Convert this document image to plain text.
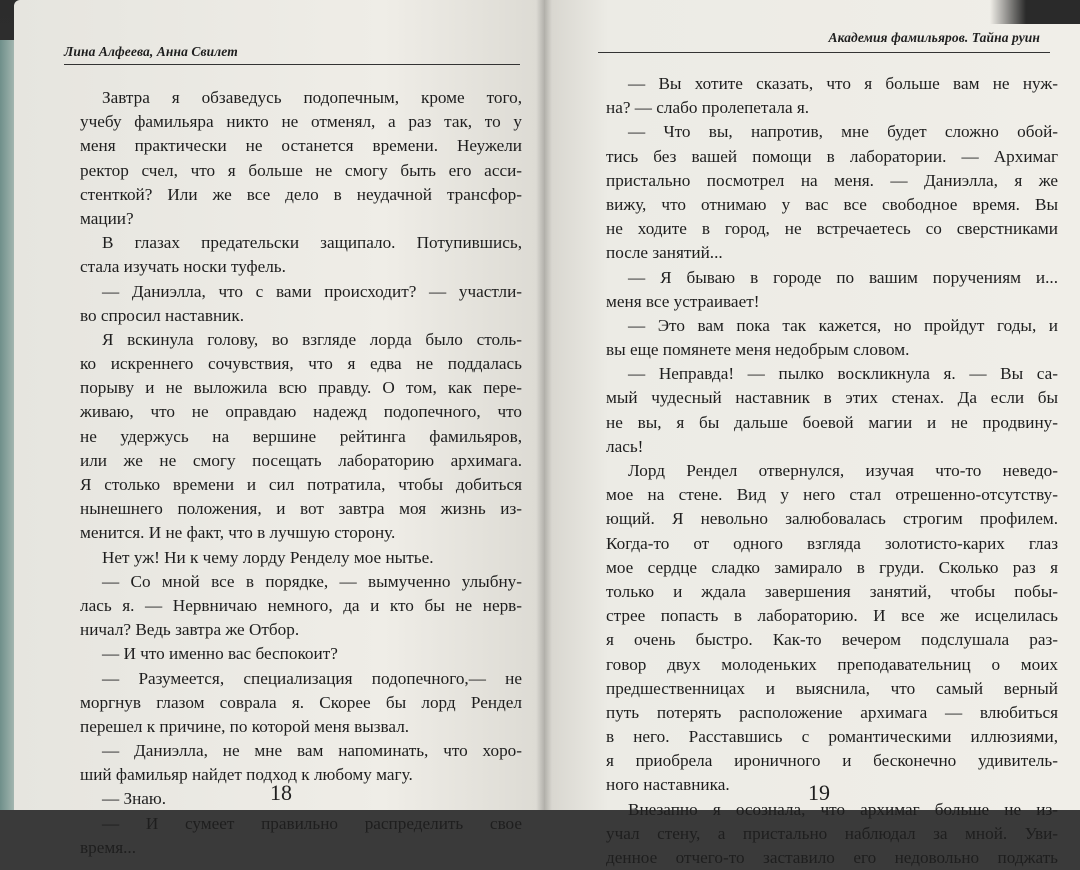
Лина Алфеева, Анна Свилет
Завтра я обзаведусь подопечным, кроме того,
учебу фамильяра никто не отменял, а раз так, то у
меня практически не останется времени. Неужели
ректор счел, что я больше не смогу быть его асси-
стенткой? Или же все дело в неудачной трансфор-
мации?
В глазах предательски защипало. Потупившись,
стала изучать носки туфель.
— Даниэлла, что с вами происходит? — участли-
во спросил наставник.
Я вскинула голову, во взгляде лорда было столь-
ко искреннего сочувствия, что я едва не поддалась
порыву и не выложила всю правду. О том, как пере-
живаю, что не оправдаю надежд подопечного, что
не удержусь на вершине рейтинга фамильяров,
или же не смогу посещать лабораторию архимага.
Я столько времени и сил потратила, чтобы добиться
нынешнего положения, и вот завтра моя жизнь из-
менится. И не факт, что в лучшую сторону.
Нет уж! Ни к чему лорду Ренделу мое нытье.
— Со мной все в порядке, — вымученно улыбну-
лась я. — Нервничаю немного, да и кто бы не нерв-
ничал? Ведь завтра же Отбор.
— И что именно вас беспокоит?
— Разумеется, специализация подопечного,— не
моргнув глазом соврала я. Скорее бы лорд Рендел
перешел к причине, по которой меня вызвал.
— Даниэлла, не мне вам напоминать, что хоро-
ший фамильяр найдет подход к любому магу.
— Знаю.
— И сумеет правильно распределить свое
время...
18
Академия фамильяров. Тайна руин
— Вы хотите сказать, что я больше вам не нуж-
на? — слабо пролепетала я.
— Что вы, напротив, мне будет сложно обой-
тись без вашей помощи в лаборатории. — Архимаг
пристально посмотрел на меня. — Даниэлла, я же
вижу, что отнимаю у вас все свободное время. Вы
не ходите в город, не встречаетесь со сверстниками
после занятий...
— Я бываю в городе по вашим поручениям и...
меня все устраивает!
— Это вам пока так кажется, но пройдут годы, и
вы еще помянете меня недобрым словом.
— Неправда! — пылко воскликнула я. — Вы са-
мый чудесный наставник в этих стенах. Да если бы
не вы, я бы дальше боевой магии и не продвину-
лась!
Лорд Рендел отвернулся, изучая что-то неведо-
мое на стене. Вид у него стал отрешенно-отсутству-
ющий. Я невольно залюбовалась строгим профилем.
Когда-то от одного взгляда золотисто-карих глаз
мое сердце сладко замирало в груди. Сколько раз я
только и ждала завершения занятий, чтобы побы-
стрее попасть в лабораторию. И все же исцелилась
я очень быстро. Как-то вечером подслушала раз-
говор двух молоденьких преподавательниц о моих
предшественницах и выяснила, что самый верный
путь потерять расположение архимага — влюбиться
в него. Расставшись с романтическими иллюзиями,
я приобрела ироничного и бесконечно удивитель-
ного наставника.
Внезапно я осознала, что архимаг больше не из-
учал стену, а пристально наблюдал за мной. Уви-
денное отчего-то заставило его недовольно поджать
19
